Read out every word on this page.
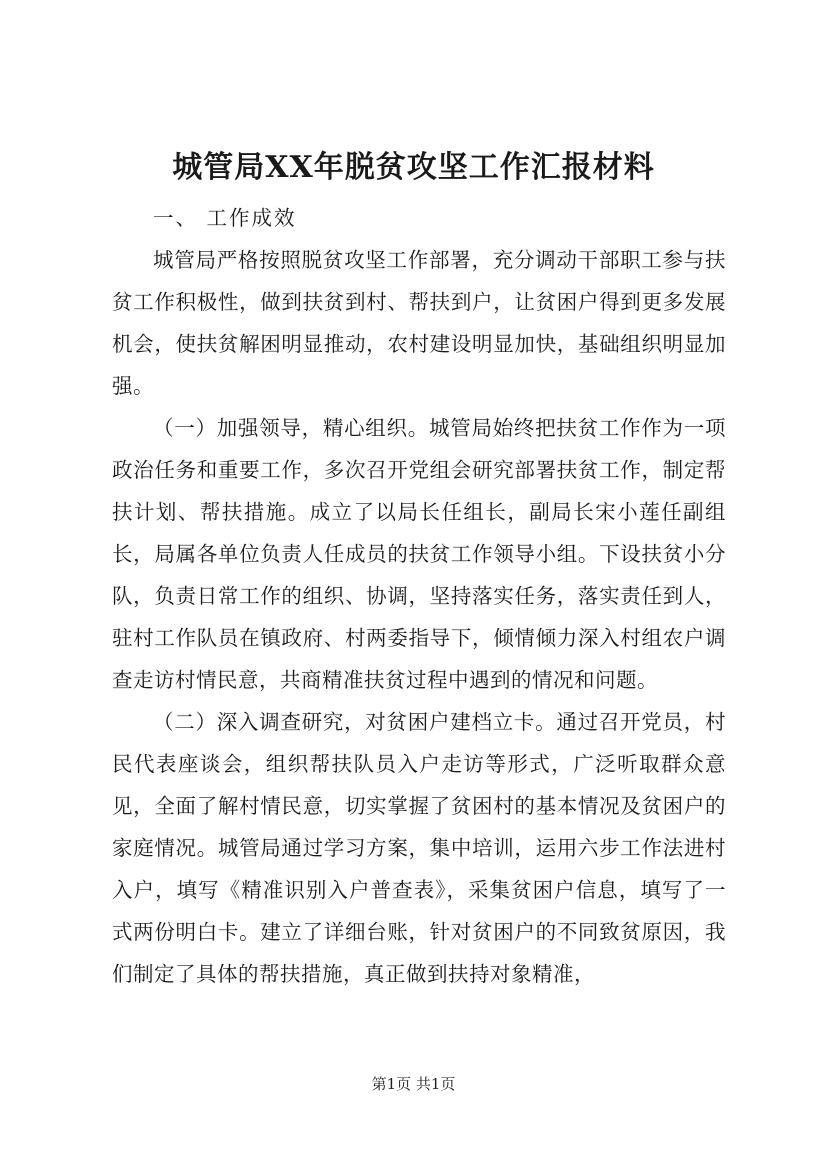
城管局XX年脱贫攻坚工作汇报材料

一、 工作成效

城管局严格按照脱贫攻坚工作部署，充分调动干部职工参与扶贫工作积极性，做到扶贫到村、帮扶到户，让贫困户得到更多发展机会，使扶贫解困明显推动，农村建设明显加快，基础组织明显加强。

（一）加强领导，精心组织。城管局始终把扶贫工作作为一项政治任务和重要工作，多次召开党组会研究部署扶贫工作，制定帮扶计划、帮扶措施。成立了以局长任组长，副局长宋小莲任副组长，局属各单位负责人任成员的扶贫工作领导小组。下设扶贫小分队，负责日常工作的组织、协调，坚持落实任务，落实责任到人，驻村工作队员在镇政府、村两委指导下，倾情倾力深入村组农户调查走访村情民意，共商精准扶贫过程中遇到的情况和问题。

（二）深入调查研究，对贫困户建档立卡。通过召开党员，村民代表座谈会，组织帮扶队员入户走访等形式，广泛听取群众意见，全面了解村情民意，切实掌握了贫困村的基本情况及贫困户的家庭情况。城管局通过学习方案，集中培训，运用六步工作法进村入户，填写《精准识别入户普查表》，采集贫困户信息，填写了一式两份明白卡。建立了详细台账，针对贫困户的不同致贫原因，我们制定了具体的帮扶措施，真正做到扶持对象精准，

第1页 共1页
